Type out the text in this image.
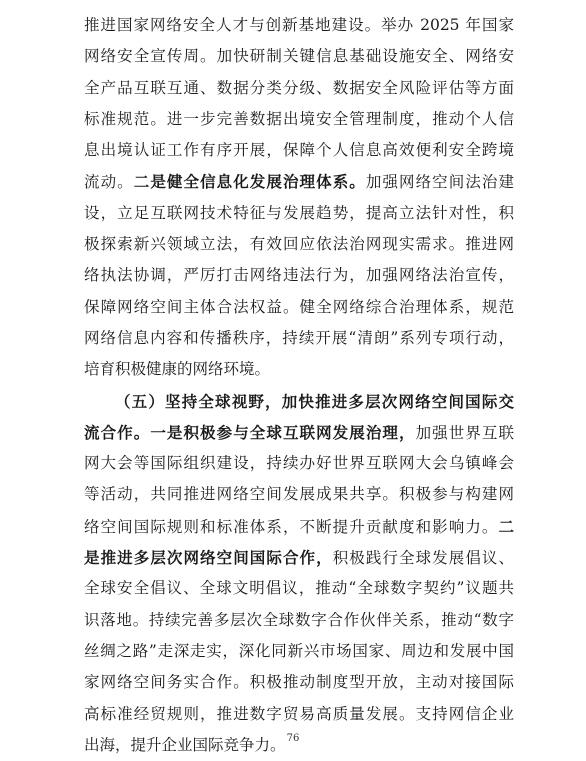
推进国家网络安全人才与创新基地建设。举办 2025 年国家
网络安全宣传周。加快研制关键信息基础设施安全、网络安
全产品互联互通、数据分类分级、数据安全风险评估等方面
标准规范。进一步完善数据出境安全管理制度，推动个人信
息出境认证工作有序开展，保障个人信息高效便利安全跨境
流动。二是健全信息化发展治理体系。加强网络空间法治建
设，立足互联网技术特征与发展趋势，提高立法针对性，积
极探索新兴领域立法，有效回应依法治网现实需求。推进网
络执法协调，严厉打击网络违法行为，加强网络法治宣传，
保障网络空间主体合法权益。健全网络综合治理体系，规范
网络信息内容和传播秩序，持续开展“清朗”系列专项行动，
培育积极健康的网络环境。
（五）坚持全球视野，加快推进多层次网络空间国际交
流合作。一是积极参与全球互联网发展治理，加强世界互联
网大会等国际组织建设，持续办好世界互联网大会乌镇峰会
等活动，共同推进网络空间发展成果共享。积极参与构建网
络空间国际规则和标准体系，不断提升贡献度和影响力。二
是推进多层次网络空间国际合作，积极践行全球发展倡议、
全球安全倡议、全球文明倡议，推动“全球数字契约”议题共
识落地。持续完善多层次全球数字合作伙伴关系，推动“数字
丝绸之路”走深走实，深化同新兴市场国家、周边和发展中国
家网络空间务实合作。积极推动制度型开放，主动对接国际
高标准经贸规则，推进数字贸易高质量发展。支持网信企业
出海，提升企业国际竞争力。 76
